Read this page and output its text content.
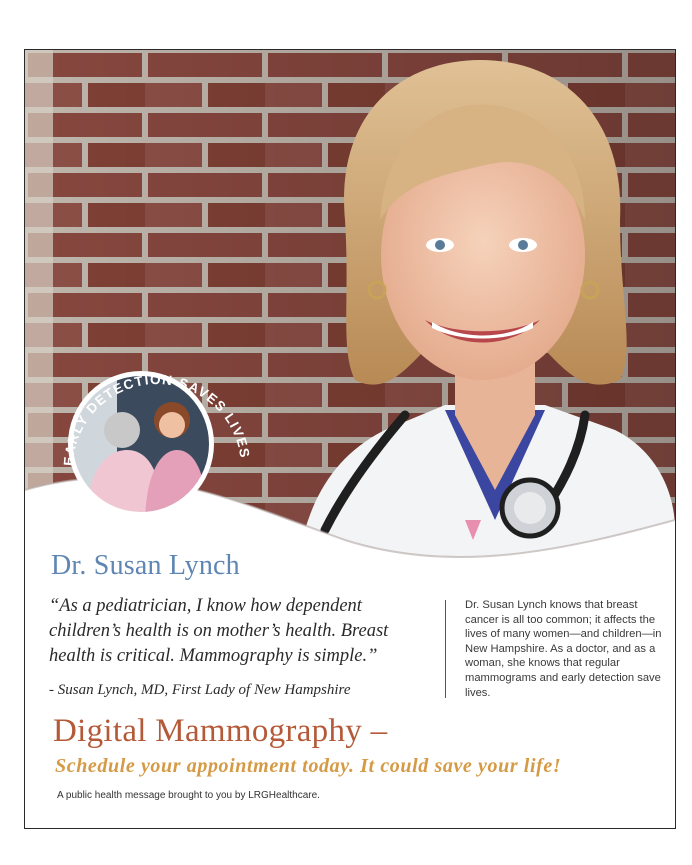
EARLY DETECTION SAVES LIVES
Dr. Susan Lynch
“As a pediatrician, I know how dependent children’s health is on mother’s health. Breast health is critical. Mammography is simple.”
- Susan Lynch, MD, First Lady of New Hampshire
Dr. Susan Lynch knows that breast cancer is all too common; it affects the lives of many women—and children—in New Hampshire. As a doctor, and as a woman, she knows that regular mammograms and early detection save lives.
Digital Mammography –
Schedule your appointment today. It could save your life!
A public health message brought to you by LRGHealthcare.
